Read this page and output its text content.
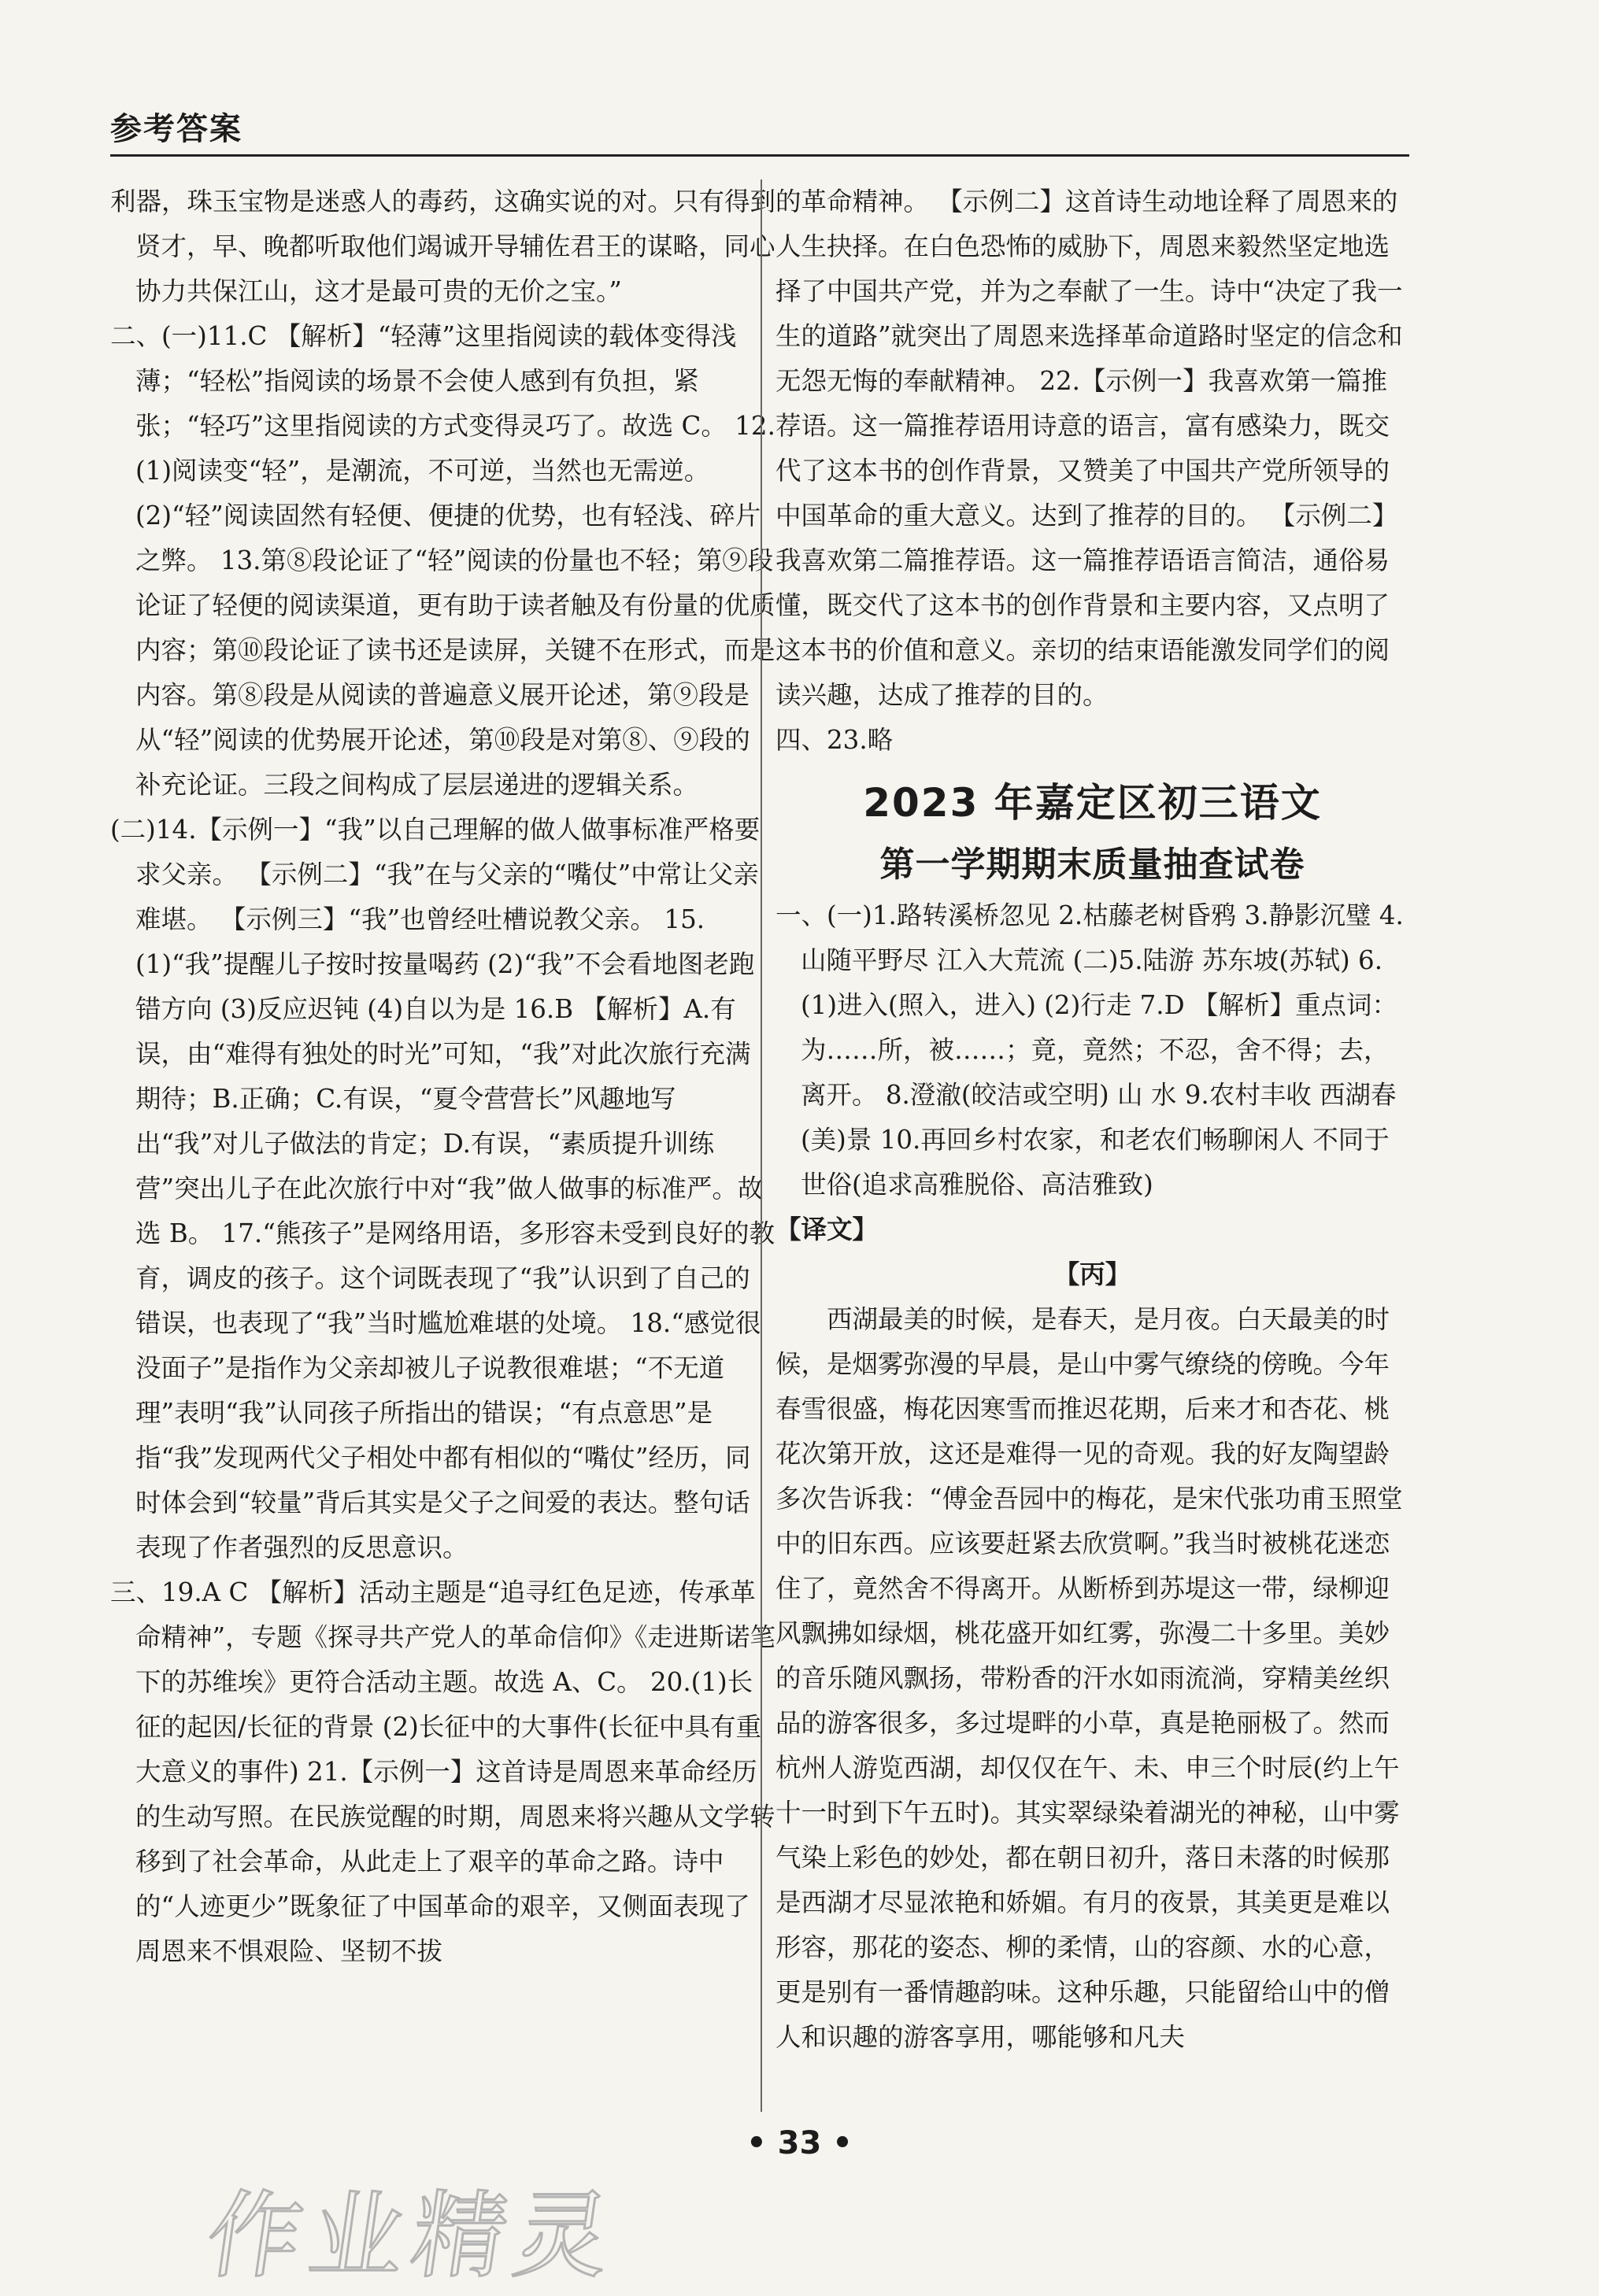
参考答案

利器，珠玉宝物是迷惑人的毒药，这确实说的对。只有得到贤才，早、晚都听取他们竭诚开导辅佐君王的谋略，同心协力共保江山，这才是最可贵的无价之宝。”

二、(一)11.C 【解析】“轻薄”这里指阅读的载体变得浅薄；“轻松”指阅读的场景不会使人感到有负担，紧张；“轻巧”这里指阅读的方式变得灵巧了。故选 C。 12.(1)阅读变“轻”，是潮流，不可逆，当然也无需逆。 (2)“轻”阅读固然有轻便、便捷的优势，也有轻浅、碎片之弊。 13.第⑧段论证了“轻”阅读的份量也不轻；第⑨段论证了轻便的阅读渠道，更有助于读者触及有份量的优质内容；第⑩段论证了读书还是读屏，关键不在形式，而是内容。第⑧段是从阅读的普遍意义展开论述，第⑨段是从“轻”阅读的优势展开论述，第⑩段是对第⑧、⑨段的补充论证。三段之间构成了层层递进的逻辑关系。

(二)14.【示例一】“我”以自己理解的做人做事标准严格要求父亲。 【示例二】“我”在与父亲的“嘴仗”中常让父亲难堪。 【示例三】“我”也曾经吐槽说教父亲。 15.(1)“我”提醒儿子按时按量喝药 (2)“我”不会看地图老跑错方向 (3)反应迟钝 (4)自以为是 16.B 【解析】A.有误，由“难得有独处的时光”可知，“我”对此次旅行充满期待；B.正确；C.有误，“夏令营营长”风趣地写出“我”对儿子做法的肯定；D.有误，“素质提升训练营”突出儿子在此次旅行中对“我”做人做事的标准严。故选 B。 17.“熊孩子”是网络用语，多形容未受到良好的教育，调皮的孩子。这个词既表现了“我”认识到了自己的错误，也表现了“我”当时尴尬难堪的处境。 18.“感觉很没面子”是指作为父亲却被儿子说教很难堪；“不无道理”表明“我”认同孩子所指出的错误；“有点意思”是指“我”发现两代父子相处中都有相似的“嘴仗”经历，同时体会到“较量”背后其实是父子之间爱的表达。整句话表现了作者强烈的反思意识。

三、19.A C 【解析】活动主题是“追寻红色足迹，传承革命精神”，专题《探寻共产党人的革命信仰》《走进斯诺笔下的苏维埃》更符合活动主题。故选 A、C。 20.(1)长征的起因/长征的背景 (2)长征中的大事件(长征中具有重大意义的事件) 21.【示例一】这首诗是周恩来革命经历的生动写照。在民族觉醒的时期，周恩来将兴趣从文学转移到了社会革命，从此走上了艰辛的革命之路。诗中的“人迹更少”既象征了中国革命的艰辛，又侧面表现了周恩来不惧艰险、坚韧不拔

的革命精神。 【示例二】这首诗生动地诠释了周恩来的人生抉择。在白色恐怖的威胁下，周恩来毅然坚定地选择了中国共产党，并为之奉献了一生。诗中“决定了我一生的道路”就突出了周恩来选择革命道路时坚定的信念和无怨无悔的奉献精神。 22.【示例一】我喜欢第一篇推荐语。这一篇推荐语用诗意的语言，富有感染力，既交代了这本书的创作背景，又赞美了中国共产党所领导的中国革命的重大意义。达到了推荐的目的。 【示例二】我喜欢第二篇推荐语。这一篇推荐语语言简洁，通俗易懂，既交代了这本书的创作背景和主要内容，又点明了这本书的价值和意义。亲切的结束语能激发同学们的阅读兴趣，达成了推荐的目的。

四、23.略

2023 年嘉定区初三语文
第一学期期末质量抽查试卷

一、(一)1.路转溪桥忽见 2.枯藤老树昏鸦 3.静影沉璧 4.山随平野尽 江入大荒流 (二)5.陆游 苏东坡(苏轼) 6.(1)进入(照入，进入) (2)行走 7.D 【解析】重点词：为……所，被……；竟，竟然；不忍，舍不得；去，离开。 8.澄澈(皎洁或空明) 山 水 9.农村丰收 西湖春(美)景 10.再回乡村农家，和老农们畅聊闲人 不同于世俗(追求高雅脱俗、高洁雅致)

【译文】

【丙】

西湖最美的时候，是春天，是月夜。白天最美的时候，是烟雾弥漫的早晨，是山中雾气缭绕的傍晚。今年春雪很盛，梅花因寒雪而推迟花期，后来才和杏花、桃花次第开放，这还是难得一见的奇观。我的好友陶望龄多次告诉我：“傅金吾园中的梅花，是宋代张功甫玉照堂中的旧东西。应该要赶紧去欣赏啊。”我当时被桃花迷恋住了，竟然舍不得离开。从断桥到苏堤这一带，绿柳迎风飘拂如绿烟，桃花盛开如红雾，弥漫二十多里。美妙的音乐随风飘扬，带粉香的汗水如雨流淌，穿精美丝织品的游客很多，多过堤畔的小草，真是艳丽极了。然而杭州人游览西湖，却仅仅在午、未、申三个时辰(约上午十一时到下午五时)。其实翠绿染着湖光的神秘，山中雾气染上彩色的妙处，都在朝日初升，落日未落的时候那是西湖才尽显浓艳和娇媚。有月的夜景，其美更是难以形容，那花的姿态、柳的柔情，山的容颜、水的心意，更是别有一番情趣韵味。这种乐趣，只能留给山中的僧人和识趣的游客享用，哪能够和凡夫

• 33 •
作业精灵
